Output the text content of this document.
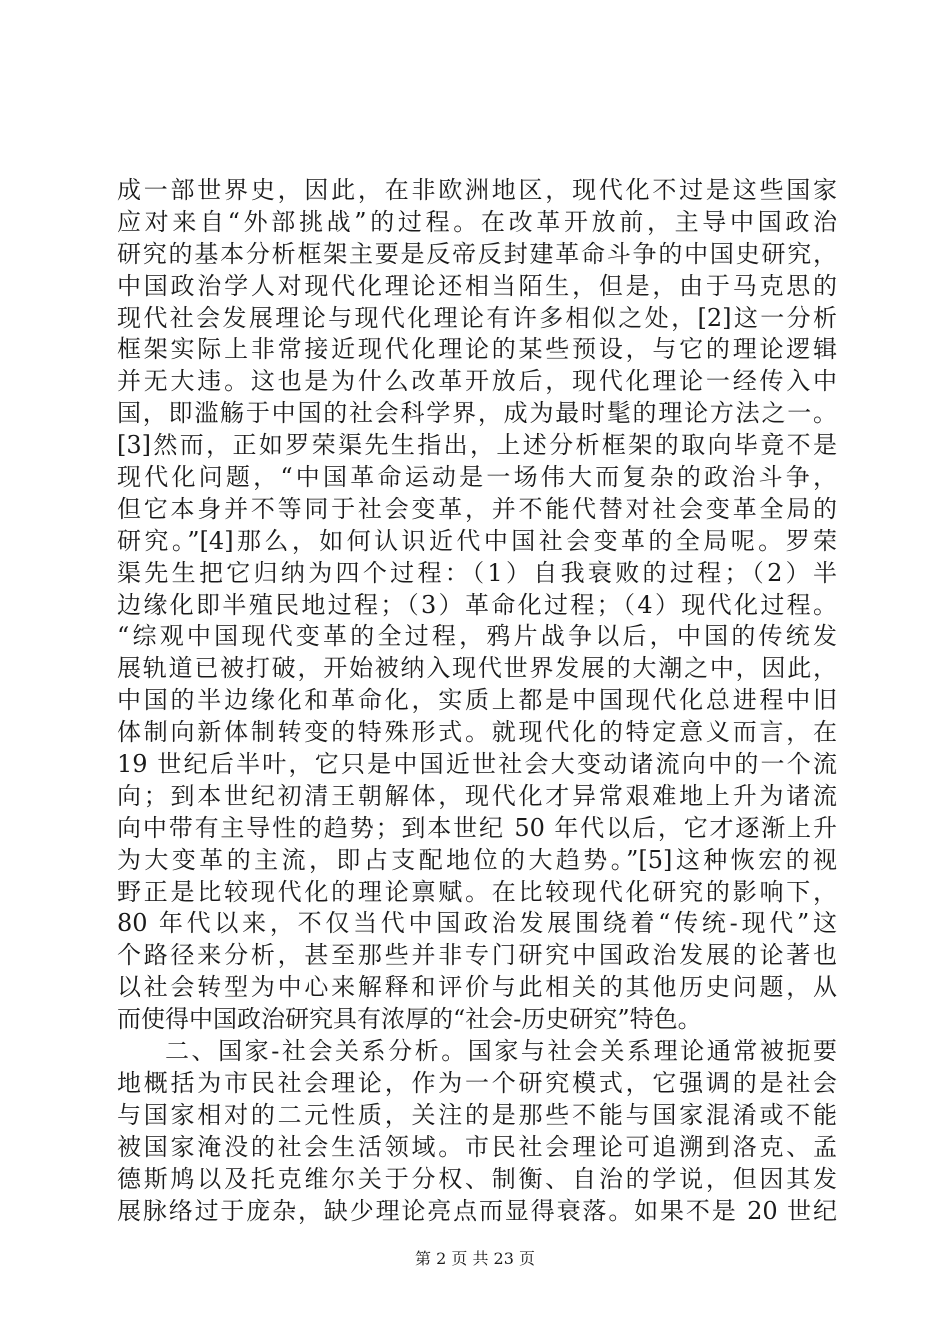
成一部世界史，因此，在非欧洲地区，现代化不过是这些国家
应对来自“外部挑战”的过程。在改革开放前，主导中国政治
研究的基本分析框架主要是反帝反封建革命斗争的中国史研究，
中国政治学人对现代化理论还相当陌生，但是，由于马克思的
现代社会发展理论与现代化理论有许多相似之处，[2]这一分析
框架实际上非常接近现代化理论的某些预设，与它的理论逻辑
并无大违。这也是为什么改革开放后，现代化理论一经传入中
国，即滥觞于中国的社会科学界，成为最时髦的理论方法之一。
[3]然而，正如罗荣渠先生指出，上述分析框架的取向毕竟不是
现代化问题，“中国革命运动是一场伟大而复杂的政治斗争，
但它本身并不等同于社会变革，并不能代替对社会变革全局的
研究。”[4]那么，如何认识近代中国社会变革的全局呢。罗荣
渠先生把它归纳为四个过程：（1）自我衰败的过程；（2）半
边缘化即半殖民地过程；（3）革命化过程；（4）现代化过程。
“综观中国现代变革的全过程，鸦片战争以后，中国的传统发
展轨道已被打破，开始被纳入现代世界发展的大潮之中，因此，
中国的半边缘化和革命化，实质上都是中国现代化总进程中旧
体制向新体制转变的特殊形式。就现代化的特定意义而言，在
19 世纪后半叶，它只是中国近世社会大变动诸流向中的一个流
向；到本世纪初清王朝解体，现代化才异常艰难地上升为诸流
向中带有主导性的趋势；到本世纪 50 年代以后，它才逐渐上升
为大变革的主流，即占支配地位的大趋势。”[5]这种恢宏的视
野正是比较现代化的理论禀赋。在比较现代化研究的影响下，
80 年代以来，不仅当代中国政治发展围绕着“传统-现代”这
个路径来分析，甚至那些并非专门研究中国政治发展的论著也
以社会转型为中心来解释和评价与此相关的其他历史问题，从
而使得中国政治研究具有浓厚的“社会-历史研究”特色。
二、国家-社会关系分析。国家与社会关系理论通常被扼要
地概括为市民社会理论，作为一个研究模式，它强调的是社会
与国家相对的二元性质，关注的是那些不能与国家混淆或不能
被国家淹没的社会生活领域。市民社会理论可追溯到洛克、孟
德斯鸠以及托克维尔关于分权、制衡、自治的学说，但因其发
展脉络过于庞杂，缺少理论亮点而显得衰落。如果不是 20 世纪
第 2 页 共 23 页
